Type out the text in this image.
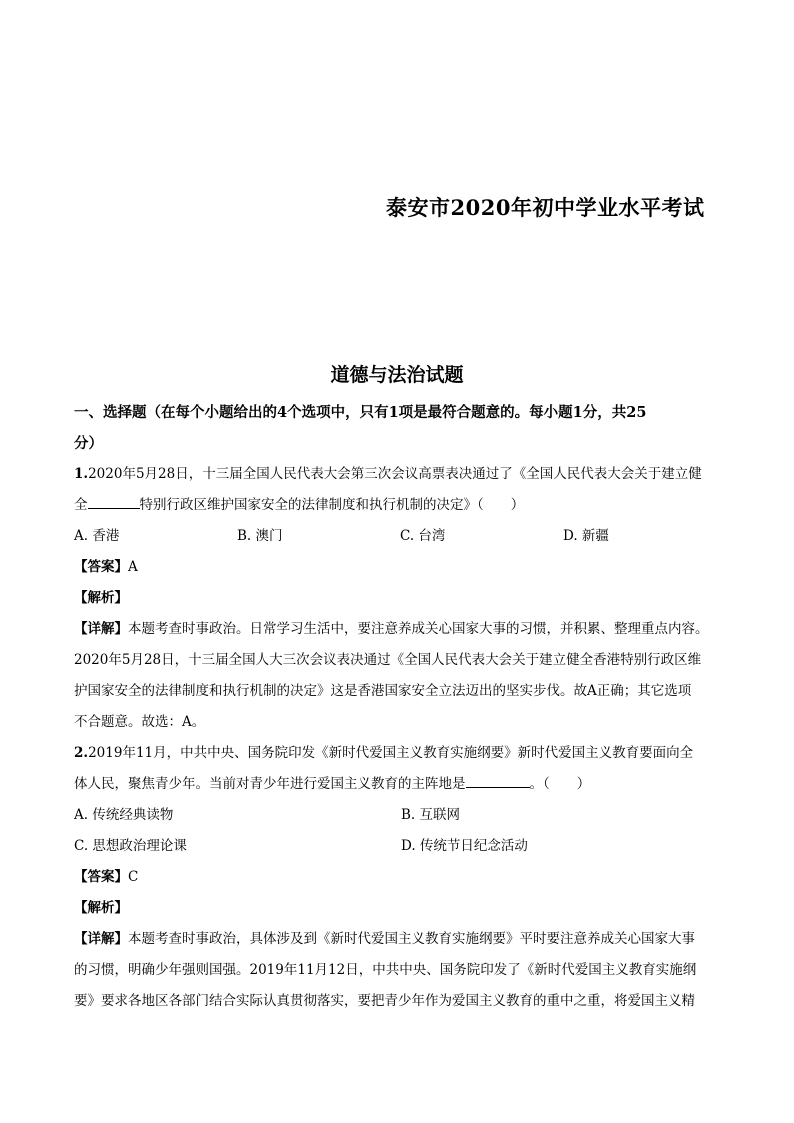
泰安市2020年初中学业水平考试
道德与法治试题
一、选择题（在每个小题给出的4个选项中，只有1项是最符合题意的。每小题1分，共25
分）
1.2020年5月28日，十三届全国人民代表大会第三次会议高票表决通过了《全国人民代表大会关于建立健
全	特别行政区维护国家安全的法律制度和执行机制的决定》（　　）
A. 香港	B. 澳门	C. 台湾	D. 新疆
【答案】A
【解析】
【详解】本题考查时事政治。日常学习生活中，要注意养成关心国家大事的习惯，并积累、整理重点内容。
2020年5月28日，十三届全国人大三次会议表决通过《全国人民代表大会关于建立健全香港特别行政区维
护国家安全的法律制度和执行机制的决定》这是香港国家安全立法迈出的坚实步伐。故A正确；其它选项
不合题意。故选：A。
2.2019年11月，中共中央、国务院印发《新时代爱国主义教育实施纲要》新时代爱国主义教育要面向全
体人民，聚焦青少年。当前对青少年进行爱国主义教育的主阵地是	。（　　）
A. 传统经典读物	B. 互联网
C. 思想政治理论课	D. 传统节日纪念活动
【答案】C
【解析】
【详解】本题考查时事政治，具体涉及到《新时代爱国主义教育实施纲要》平时要注意养成关心国家大事
的习惯，明确少年强则国强。2019年11月12日，中共中央、国务院印发了《新时代爱国主义教育实施纲
要》要求各地区各部门结合实际认真贯彻落实，要把青少年作为爱国主义教育的重中之重，将爱国主义精
